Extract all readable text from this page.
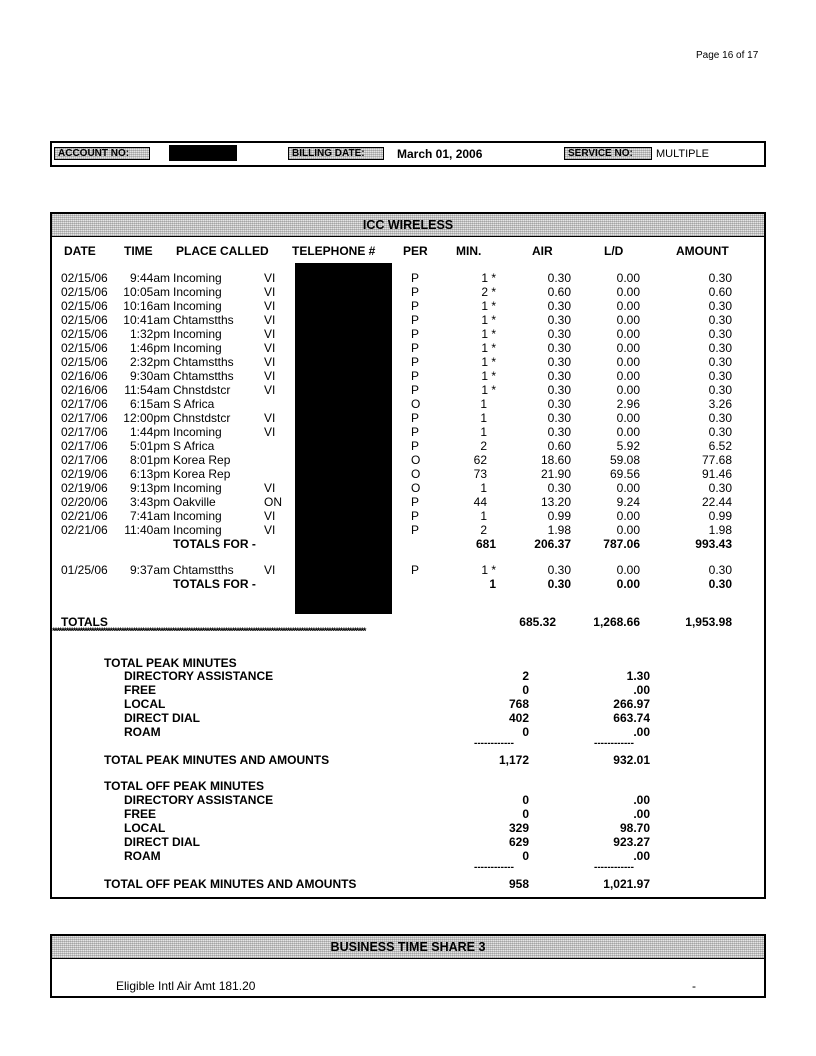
Page 16 of 17
ACCOUNT NO:	BILLING DATE:	March 01, 2006	SERVICE NO:	MULTIPLE
ICC WIRELESS
DATE TIME PLACE CALLED TELEPHONE # PER MIN.	AIR	L/D	AMOUNT
02/15/06 9:44am Incoming	VI	P	1 *	0.30	0.00	0.30
02/15/06 10:05am Incoming	VI	P	2 *	0.60	0.00	0.60
02/15/06 10:16am Incoming	VI	P	1 *	0.30	0.00	0.30
02/15/06 10:41am Chtamstths	VI	P	1 *	0.30	0.00	0.30
02/15/06 1:32pm Incoming	VI	P	1 *	0.30	0.00	0.30
02/15/06 1:46pm Incoming	VI	P	1 *	0.30	0.00	0.30
02/15/06 2:32pm Chtamstths	VI	P	1 *	0.30	0.00	0.30
02/16/06 9:30am Chtamstths	VI	P	1 *	0.30	0.00	0.30
02/16/06 11:54am Chnstdstcr	VI	P	1 *	0.30	0.00	0.30
02/17/06 6:15am S Africa	O	1	0.30	2.96	3.26
02/17/06 12:00pm Chnstdstcr	VI	P	1	0.30	0.00	0.30
02/17/06 1:44pm Incoming	VI	P	1	0.30	0.00	0.30
02/17/06 5:01pm S Africa	P	2	0.60	5.92	6.52
02/17/06 8:01pm Korea Rep	O	62	18.60	59.08	77.68
02/19/06 6:13pm Korea Rep	O	73	21.90	69.56	91.46
02/19/06 9:13pm Incoming	VI	O	1	0.30	0.00	0.30
02/20/06 3:43pm Oakville	ON	P	44	13.20	9.24	22.44
02/21/06 7:41am Incoming	VI	P	1	0.99	0.00	0.99
02/21/06 11:40am Incoming	VI	P	2	1.98	0.00	1.98
01/25/06 9:37am Chtamstths	VI	P	1 *	0.30	0.00	0.30
TOTALS FOR -	681	206.37	787.06	993.43
TOTALS FOR -	1	0.30	0.00	0.30
TOTALS	685.32	1,268.66	1,953.98
****************************************************************************************************************************************
TOTAL PEAK MINUTES
DIRECTORY ASSISTANCE	2	1.30
FREE	0	.00
LOCAL	768	266.97
DIRECT DIAL	402	663.74
ROAM	0	.00
------------	------------
TOTAL PEAK MINUTES AND AMOUNTS	1,172	932.01
TOTAL OFF PEAK MINUTES
DIRECTORY ASSISTANCE	0	.00
FREE	0	.00
LOCAL	329	98.70
DIRECT DIAL	629	923.27
ROAM	0	.00
------------	------------
TOTAL OFF PEAK MINUTES AND AMOUNTS	958	1,021.97
BUSINESS TIME SHARE 3
Eligible Intl Air Amt 181.20	-
